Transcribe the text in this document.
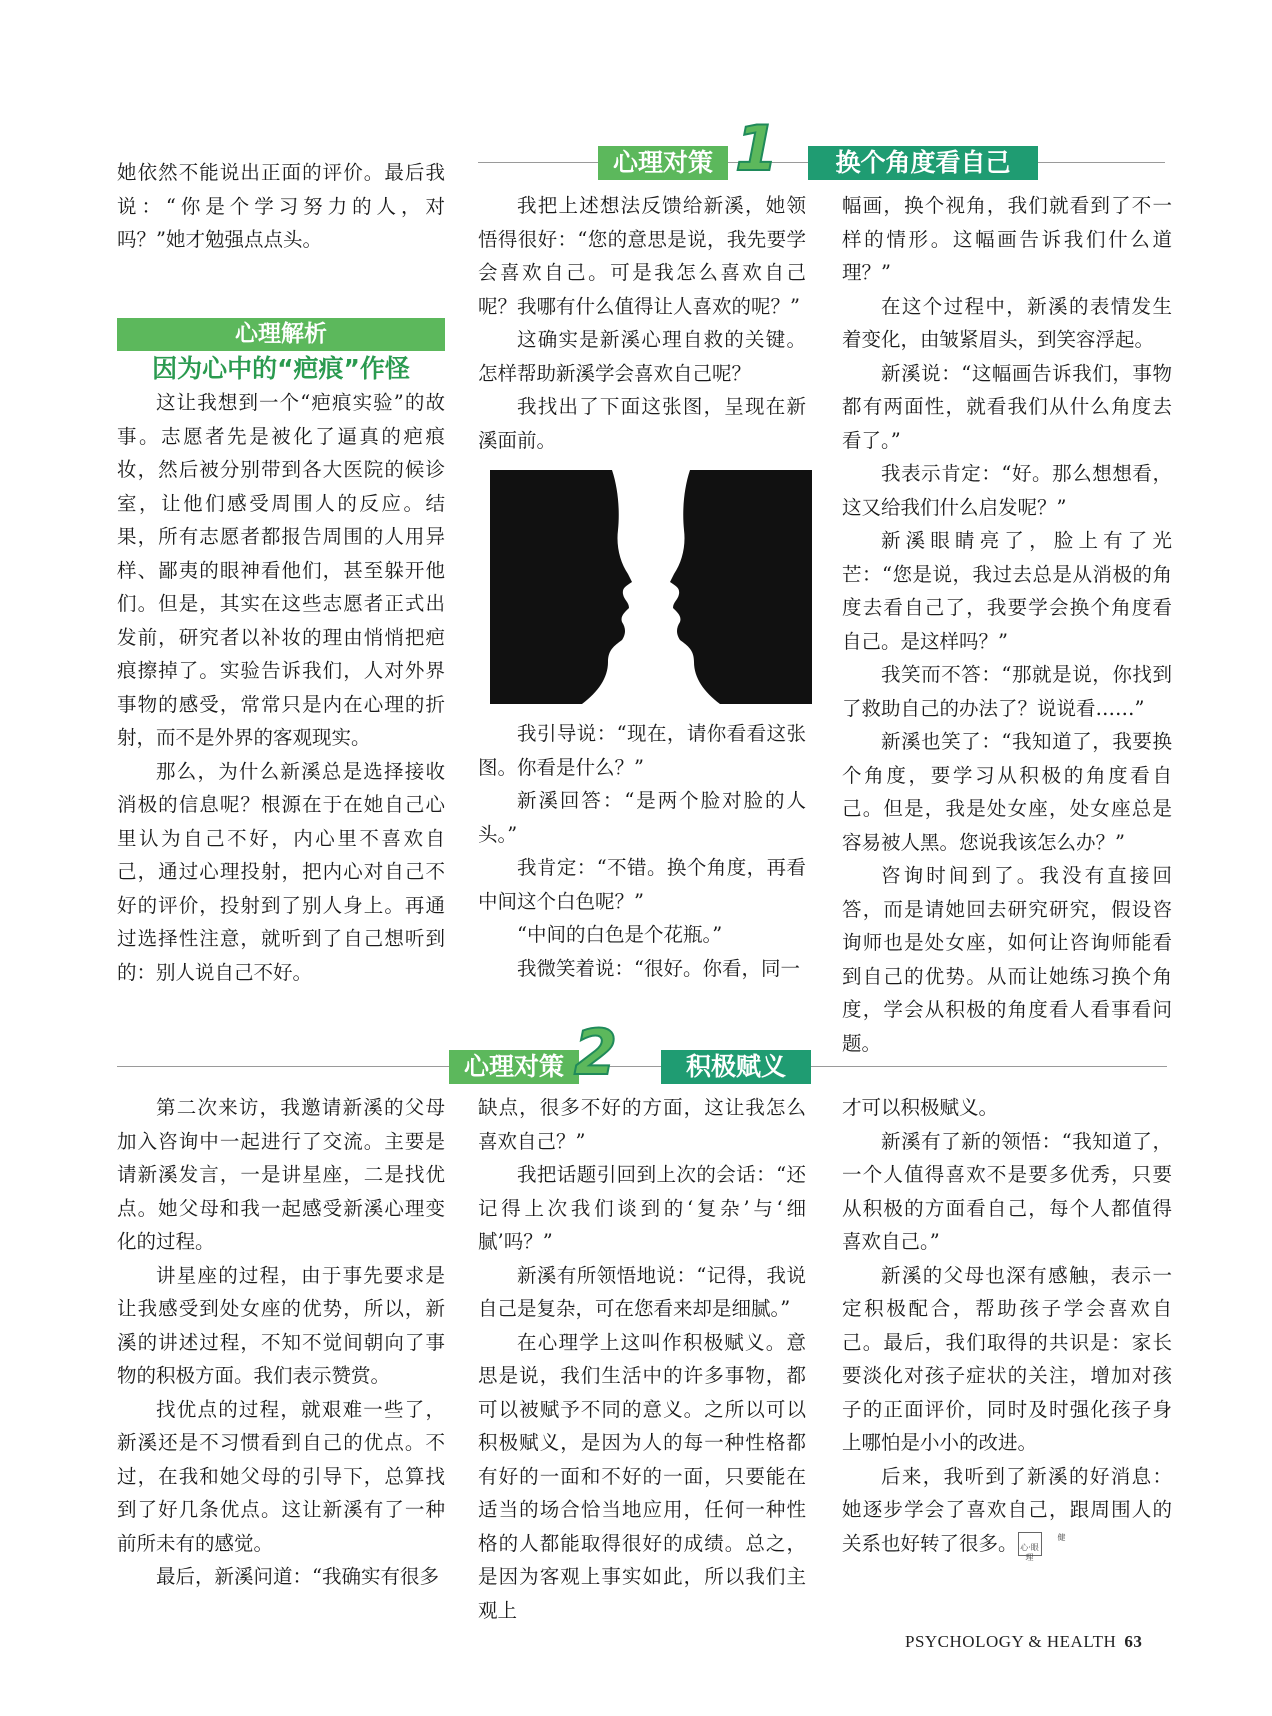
心理对策 1	换个角度看自己

她依然不能说出正面的评价。最后我说：“你是个学习努力的人，对吗？”她才勉强点点头。

心理解析
因为心中的“疤痕”作怪

这让我想到一个“疤痕实验”的故事。志愿者先是被化了逼真的疤痕妆，然后被分别带到各大医院的候诊室，让他们感受周围人的反应。结果，所有志愿者都报告周围的人用异样、鄙夷的眼神看他们，甚至躲开他们。但是，其实在这些志愿者正式出发前，研究者以补妆的理由悄悄把疤痕擦掉了。实验告诉我们，人对外界事物的感受，常常只是内在心理的折射，而不是外界的客观现实。

那么，为什么新溪总是选择接收消极的信息呢？根源在于在她自己心里认为自己不好，内心里不喜欢自己，通过心理投射，把内心对自己不好的评价，投射到了别人身上。再通过选择性注意，就听到了自己想听到的：别人说自己不好。

我把上述想法反馈给新溪，她领悟得很好：“您的意思是说，我先要学会喜欢自己。可是我怎么喜欢自己呢？我哪有什么值得让人喜欢的呢？”

这确实是新溪心理自救的关键。怎样帮助新溪学会喜欢自己呢？

我找出了下面这张图，呈现在新溪面前。

我引导说：“现在，请你看看这张图。你看是什么？”

新溪回答：“是两个脸对脸的人头。”

我肯定：“不错。换个角度，再看中间这个白色呢？”

“中间的白色是个花瓶。”

我微笑着说：“很好。你看，同一

幅画，换个视角，我们就看到了不一样的情形。这幅画告诉我们什么道理？”

在这个过程中，新溪的表情发生着变化，由皱紧眉头，到笑容浮起。

新溪说：“这幅画告诉我们，事物都有两面性，就看我们从什么角度去看了。”

我表示肯定：“好。那么想想看，这又给我们什么启发呢？”

新溪眼睛亮了，脸上有了光芒：“您是说，我过去总是从消极的角度去看自己了，我要学会换个角度看自己。是这样吗？”

我笑而不答：“那就是说，你找到了救助自己的办法了？说说看……”

新溪也笑了：“我知道了，我要换个角度，要学习从积极的角度看自己。但是，我是处女座，处女座总是容易被人黑。您说我该怎么办？”

咨询时间到了。我没有直接回答，而是请她回去研究研究，假设咨询师也是处女座，如何让咨询师能看到自己的优势。从而让她练习换个角度，学会从积极的角度看人看事看问题。

心理对策 2	积极赋义

第二次来访，我邀请新溪的父母加入咨询中一起进行了交流。主要是请新溪发言，一是讲星座，二是找优点。她父母和我一起感受新溪心理变化的过程。

讲星座的过程，由于事先要求是让我感受到处女座的优势，所以，新溪的讲述过程，不知不觉间朝向了事物的积极方面。我们表示赞赏。

找优点的过程，就艰难一些了，新溪还是不习惯看到自己的优点。不过，在我和她父母的引导下，总算找到了好几条优点。这让新溪有了一种前所未有的感觉。

最后，新溪问道：“我确实有很多

缺点，很多不好的方面，这让我怎么喜欢自己？”

我把话题引回到上次的会话：“还记得上次我们谈到的‘复杂’与‘细腻’吗？”

新溪有所领悟地说：“记得，我说自己是复杂，可在您看来却是细腻。”

在心理学上这叫作积极赋义。意思是说，我们生活中的许多事物，都可以被赋予不同的意义。之所以可以积极赋义，是因为人的每一种性格都有好的一面和不好的一面，只要能在适当的场合恰当地应用，任何一种性格的人都能取得很好的成绩。总之，是因为客观上事实如此，所以我们主观上

才可以积极赋义。

新溪有了新的领悟：“我知道了，一个人值得喜欢不是要多优秀，只要从积极的方面看自己，每个人都值得喜欢自己。”

新溪的父母也深有感触，表示一定积极配合，帮助孩子学会喜欢自己。最后，我们取得的共识是：家长要淡化对孩子症状的关注，增加对孩子的正面评价，同时及时强化孩子身上哪怕是小小的改进。

后来，我听到了新溪的好消息：她逐步学会了喜欢自己，跟周围人的关系也好转了很多。	健心·眼理

PSYCHOLOGY & HEALTH 63
